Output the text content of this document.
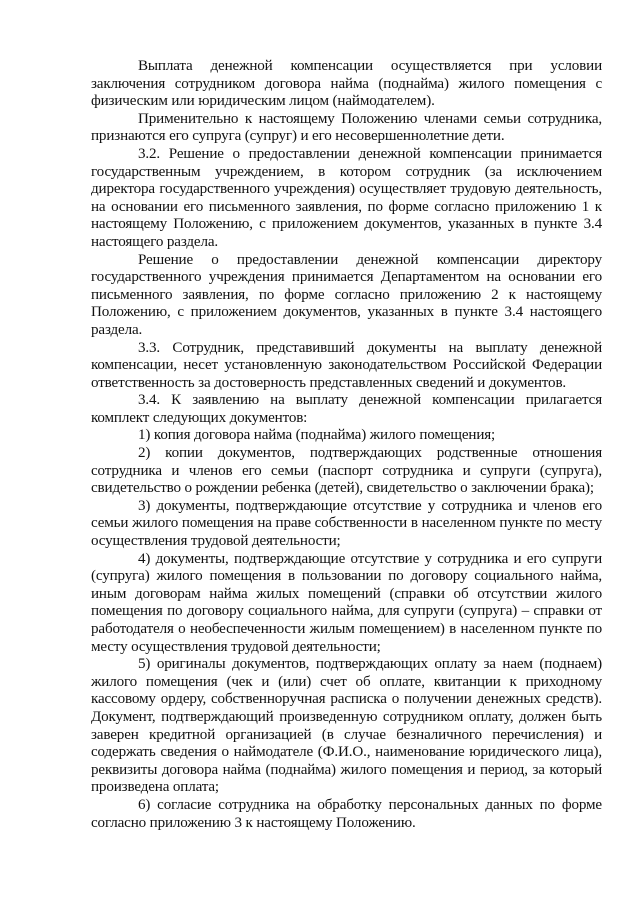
Выплата денежной компенсации осуществляется при условии заключения сотрудником договора найма (поднайма) жилого помещения с физическим или юридическим лицом (наймодателем).

Применительно к настоящему Положению членами семьи сотрудника, признаются его супруга (супруг) и его несовершеннолетние дети.

3.2. Решение о предоставлении денежной компенсации принимается государственным учреждением, в котором сотрудник (за исключением директора государственного учреждения) осуществляет трудовую деятельность, на основании его письменного заявления, по форме согласно приложению 1 к настоящему Положению, с приложением документов, указанных в пункте 3.4 настоящего раздела.

Решение о предоставлении денежной компенсации директору государственного учреждения принимается Департаментом на основании его письменного заявления, по форме согласно приложению 2 к настоящему Положению, с приложением документов, указанных в пункте 3.4 настоящего раздела.

3.3. Сотрудник, представивший документы на выплату денежной компенсации, несет установленную законодательством Российской Федерации ответственность за достоверность представленных сведений и документов.

3.4. К заявлению на выплату денежной компенсации прилагается комплект следующих документов:

1) копия договора найма (поднайма) жилого помещения;

2) копии документов, подтверждающих родственные отношения сотрудника и членов его семьи (паспорт сотрудника и супруги (супруга), свидетельство о рождении ребенка (детей), свидетельство о заключении брака);

3) документы, подтверждающие отсутствие у сотрудника и членов его семьи жилого помещения на праве собственности в населенном пункте по месту осуществления трудовой деятельности;

4) документы, подтверждающие отсутствие у сотрудника и его супруги (супруга) жилого помещения в пользовании по договору социального найма, иным договорам найма жилых помещений (справки об отсутствии жилого помещения по договору социального найма, для супруги (супруга) – справки от работодателя о необеспеченности жилым помещением) в населенном пункте по месту осуществления трудовой деятельности;

5) оригиналы документов, подтверждающих оплату за наем (поднаем) жилого помещения (чек и (или) счет об оплате, квитанции к приходному кассовому ордеру, собственноручная расписка о получении денежных средств). Документ, подтверждающий произведенную сотрудником оплату, должен быть заверен кредитной организацией (в случае безналичного перечисления) и содержать сведения о наймодателе (Ф.И.О., наименование юридического лица), реквизиты договора найма (поднайма) жилого помещения и период, за который произведена оплата;

6) согласие сотрудника на обработку персональных данных по форме согласно приложению 3 к настоящему Положению.
